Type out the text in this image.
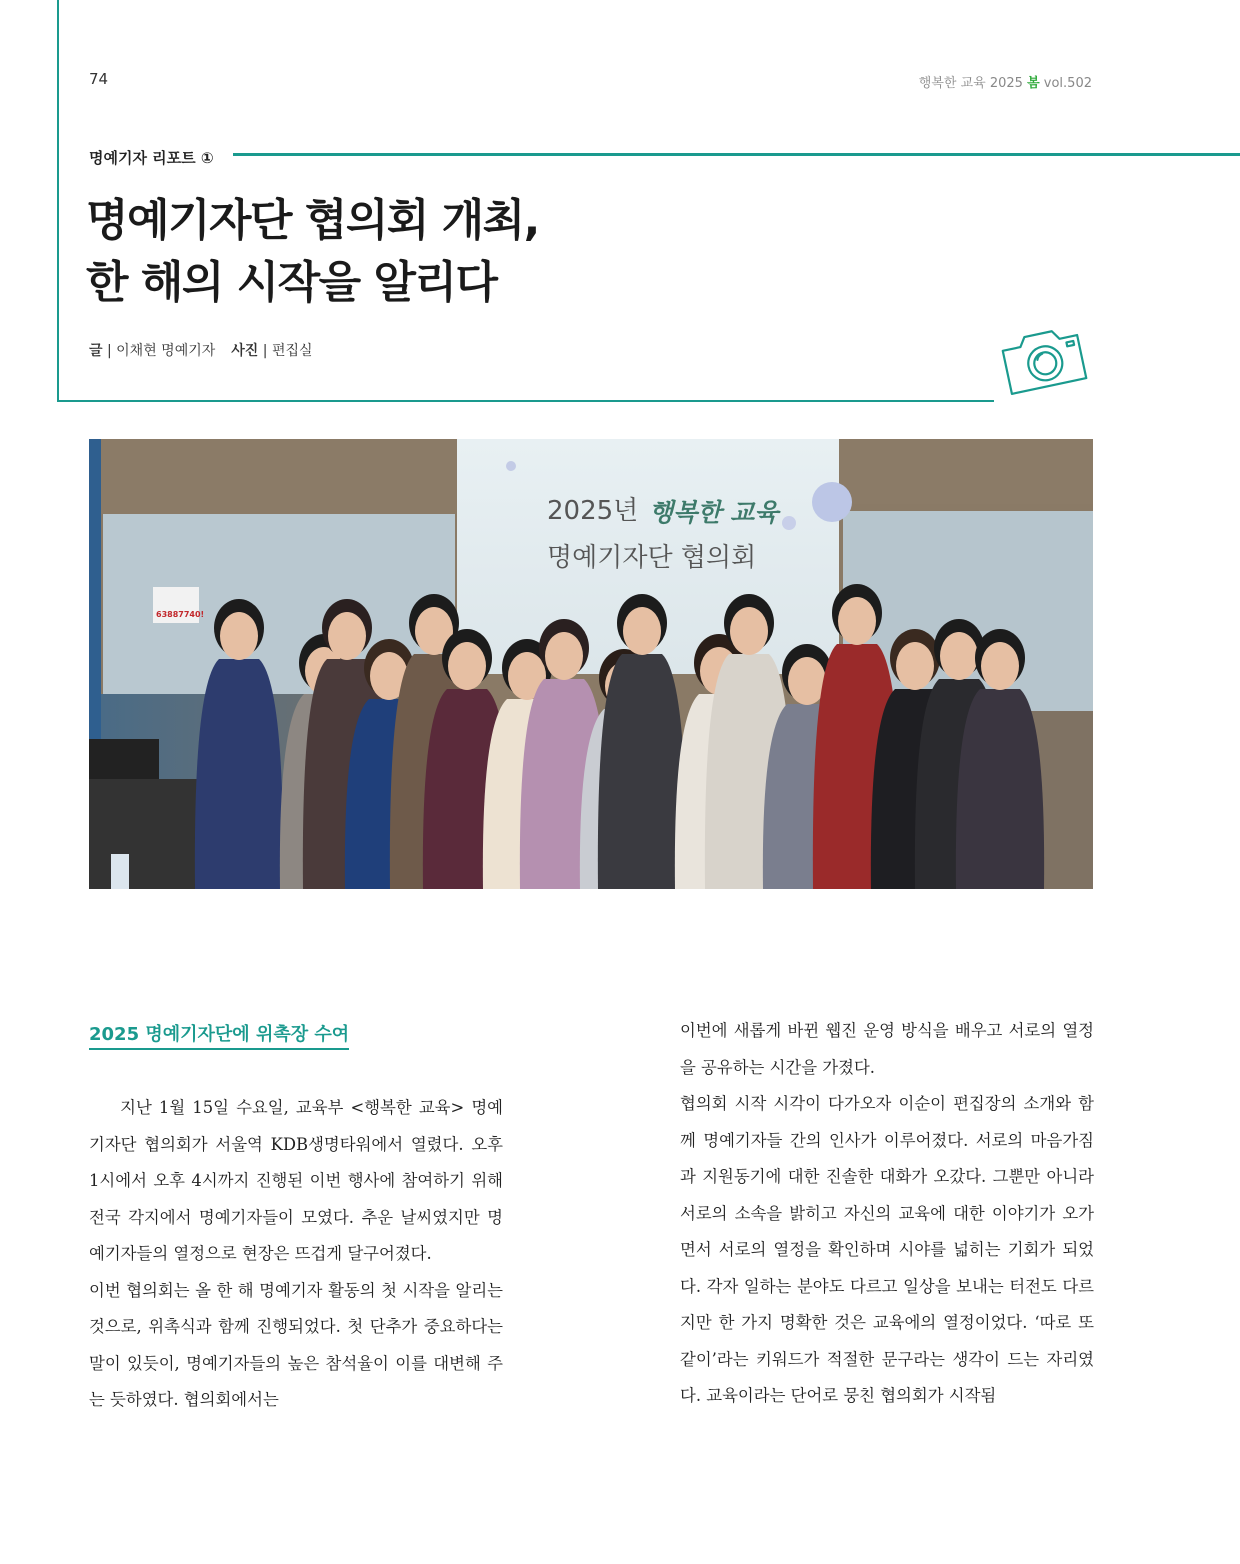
74	행복한 교육 2025 봄 vol.502
명예기자 리포트 ①
명예기자단 협의회 개최,
한 해의 시작을 알리다
글 | 이채현 명예기자 사진 | 편집실
2025년 행복한 교육
명예기자단 협의회
63887740!
2025 명예기자단에 위촉장 수여

지난 1월 15일 수요일, 교육부 <행복한 교육> 명예기자단 협의회가 서울역 KDB생명타워에서 열렸다. 오후 1시에서 오후 4시까지 진행된 이번 행사에 참여하기 위해 전국 각지에서 명예기자들이 모였다. 추운 날씨였지만 명예기자들의 열정으로 현장은 뜨겁게 달구어졌다.

이번 협의회는 올 한 해 명예기자 활동의 첫 시작을 알리는 것으로, 위촉식과 함께 진행되었다. 첫 단추가 중요하다는 말이 있듯이, 명예기자들의 높은 참석율이 이를 대변해 주는 듯하였다. 협의회에서는

이번에 새롭게 바뀐 웹진 운영 방식을 배우고 서로의 열정을 공유하는 시간을 가졌다.

협의회 시작 시각이 다가오자 이순이 편집장의 소개와 함께 명예기자들 간의 인사가 이루어졌다. 서로의 마음가짐과 지원동기에 대한 진솔한 대화가 오갔다. 그뿐만 아니라 서로의 소속을 밝히고 자신의 교육에 대한 이야기가 오가면서 서로의 열정을 확인하며 시야를 넓히는 기회가 되었다. 각자 일하는 분야도 다르고 일상을 보내는 터전도 다르지만 한 가지 명확한 것은 교육에의 열정이었다. ‘따로 또 같이’라는 키워드가 적절한 문구라는 생각이 드는 자리였다. 교육이라는 단어로 뭉친 협의회가 시작됨
